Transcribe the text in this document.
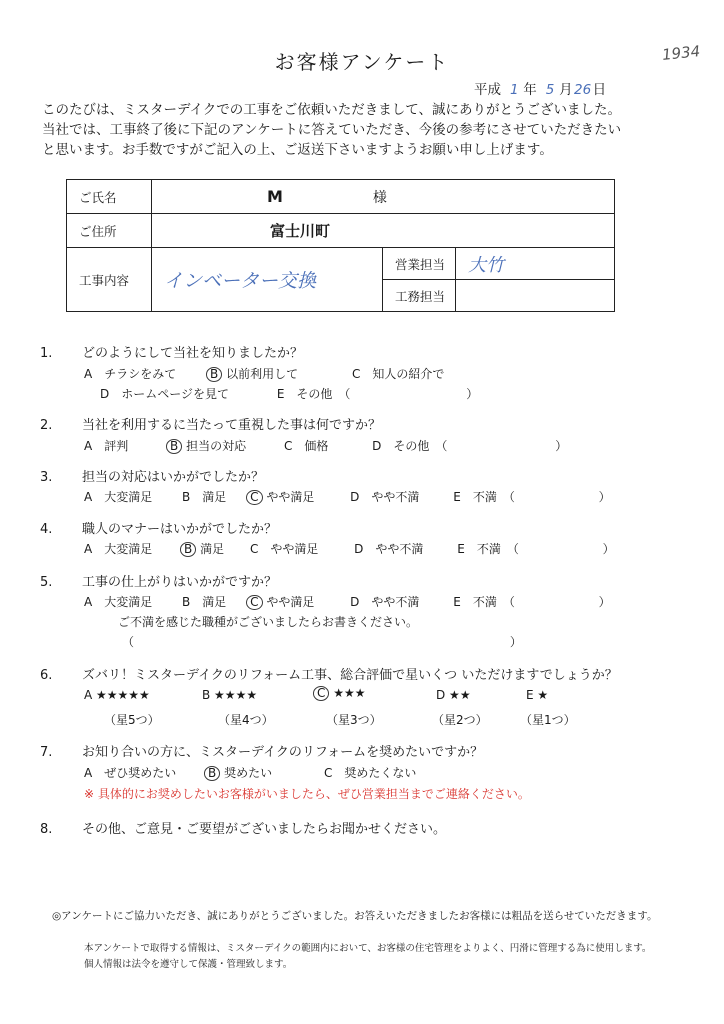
お客様アンケート	1934
平成 1 年 5 月26日

このたびは、ミスターデイクでの工事をご依頼いただきまして、誠にありがとうございました。

当社では、工事終了後に下記のアンケートに答えていただき、今後の参考にさせていただきたい

と思います。お手数ですがご記入の上、ご返送下さいますようお願い申し上げます。

ご氏名	M 様		
ご住所	富士川町		
工事内容	インベーター交換	営業担当	大竹
		工務担当	
1. どのようにして当社を知りましたか？
A　チラシをみて	B 以前利用して	C　知人の紹介で
D　ホームページを見て	E　その他　（	）
2. 当社を利用するに当たって重視した事は何ですか？
A　評判	B 担当の対応	C　価格	D　その他　（	）
3. 担当の対応はいかがでしたか？
A　大変満足 B　満足 C やや満足	D　やや不満	E　不満　（	）
4. 職人のマナーはいかがでしたか？
A　大変満足	B 満足 C　やや満足	D　やや不満	E　不満　（	）
5. 工事の仕上がりはいかがですか？
A　大変満足 B　満足 C やや満足	D　やや不満	E　不満　（	）
ご不満を感じた職種がございましたらお書きください。
（	）
6. ズバリ！ミスターデイクのリフォーム工事、総合評価で星いくつ いただけますでしょうか？
A ★★★★★	B ★★★★	C ★★★	D ★★	E ★
（星5つ）	（星4つ）	（星3つ）	（星2つ）	（星1つ）
7. お知り合いの方に、ミスターデイクのリフォームを奨めたいですか？
A　ぜひ奨めたい	B 奨めたい	C　奨めたくない
※ 具体的にお奨めしたいお客様がいましたら、ぜひ営業担当までご連絡ください。
8. その他、ご意見・ご要望がございましたらお聞かせください。
◎アンケートにご協力いただき、誠にありがとうございました。お答えいただきましたお客様には粗品を送らせていただきます。
本アンケートで取得する情報は、ミスターデイクの範囲内において、お客様の住宅管理をよりよく、円滑に管理する為に使用します。
個人情報は法令を遵守して保護・管理致します。
